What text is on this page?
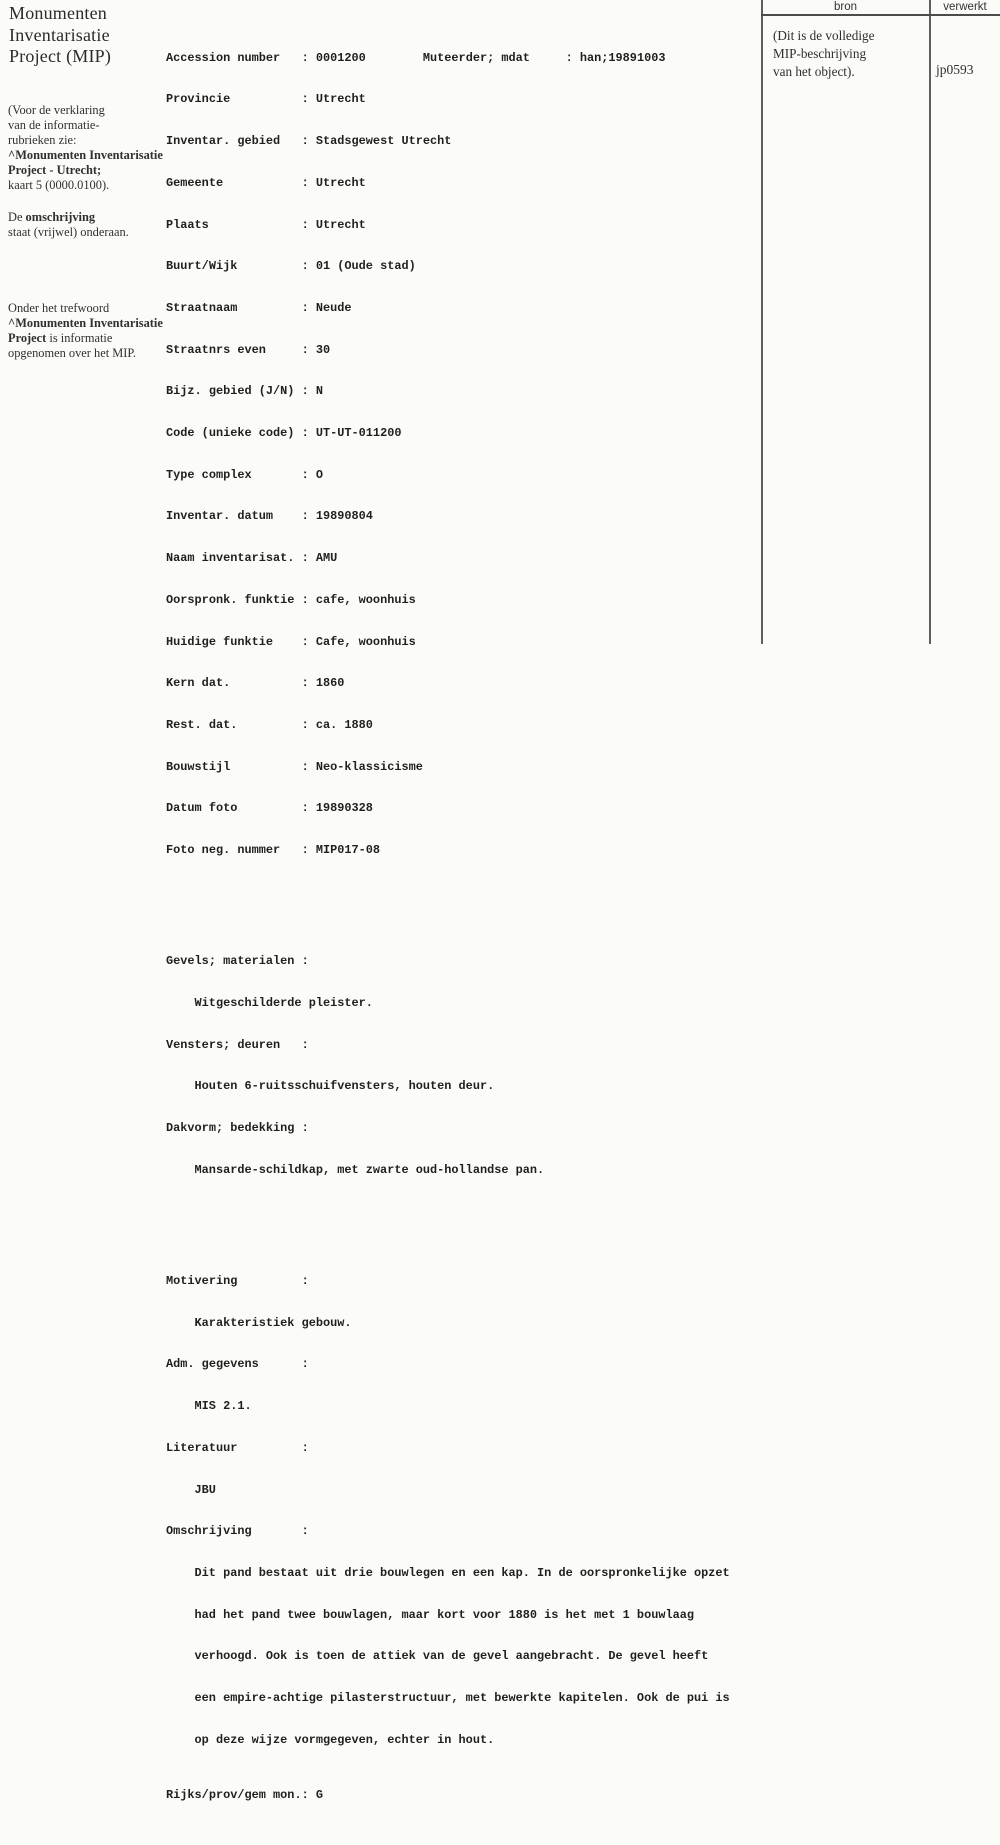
Monumenten
Inventarisatie
Project (MIP)
(Voor de verklaring
van de informatie-
rubrieken zie:
^Monumenten Inventarisatie
Project - Utrecht;
kaart 5 (0000.0100).
De omschrijving
staat (vrijwel) onderaan.
Onder het trefwoord
^Monumenten Inventarisatie
Project is informatie
opgenomen over het MIP.

Accession number : 0001200	Muteerder; mdat	: han;19891003

Provincie	: Utrecht

Inventar. gebied : Stadsgewest Utrecht

Gemeente	: Utrecht

Plaats	: Utrecht

Buurt/Wijk	: 01 (Oude stad)

Straatnaam	: Neude

Straatnrs even	: 30

Bijz. gebied (J/N) : N

Code (unieke code) : UT-UT-011200

Type complex	: O

Inventar. datum : 19890804

Naam inventarisat. : AMU

Oorspronk. funktie : cafe, woonhuis

Huidige funktie : Cafe, woonhuis

Kern dat.	: 1860

Rest. dat.	: ca. 1880

Bouwstijl	: Neo-klassicisme

Datum foto	: 19890328

Foto neg. nummer : MIP017-08

Gevels; materialen :

Witgeschilderde pleister.

Vensters; deuren :

Houten 6-ruitsschuifvensters, houten deur.

Dakvorm; bedekking :

Mansarde-schildkap, met zwarte oud-hollandse pan.

Motivering	:

Karakteristiek gebouw.

Adm. gegevens	:

MIS 2.1.

Literatuur	:

JBU

Omschrijving	:

Dit pand bestaat uit drie bouwlegen en een kap. In de oorspronkelijke opzet

had het pand twee bouwlagen, maar kort voor 1880 is het met 1 bouwlaag

verhoogd. Ook is toen de attiek van de gevel aangebracht. De gevel heeft

een empire-achtige pilasterstructuur, met bewerkte kapitelen. Ook de pui is

op deze wijze vormgegeven, echter in hout.

Rijks/prov/gem mon.: G

bron	verwerkt
(Dit is de volledige
MIP-beschrijving
van het object).	jp0593
